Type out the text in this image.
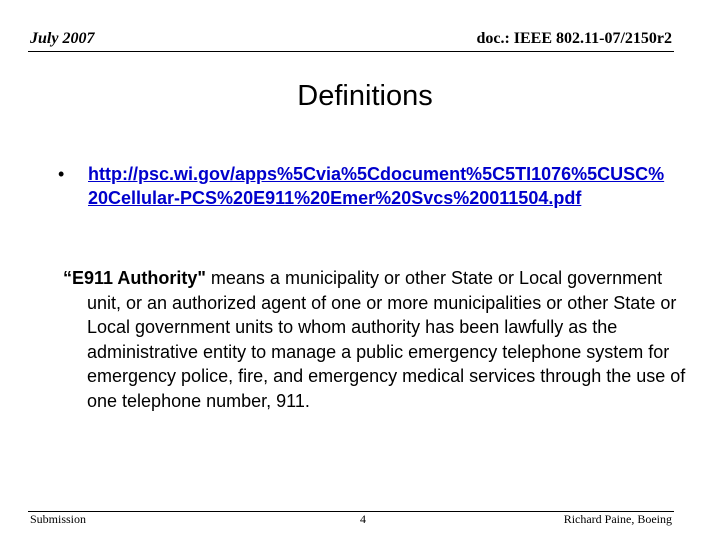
July 2007	doc.: IEEE 802.11-07/2150r2
Definitions
• http://psc.wi.gov/apps%5Cvia%5Cdocument%5C5TI1076%5CUSC%20Cellular-PCS%20E911%20Emer%20Svcs%20011504.pdf

“E911 Authority" means a municipality or other State or Local government unit, or an authorized agent of one or more municipalities or other State or Local government units to whom authority has been lawfully as the administrative entity to manage a public emergency telephone system for emergency police, fire, and emergency medical services through the use of one telephone number, 911.

Submission	4	Richard Paine, Boeing
